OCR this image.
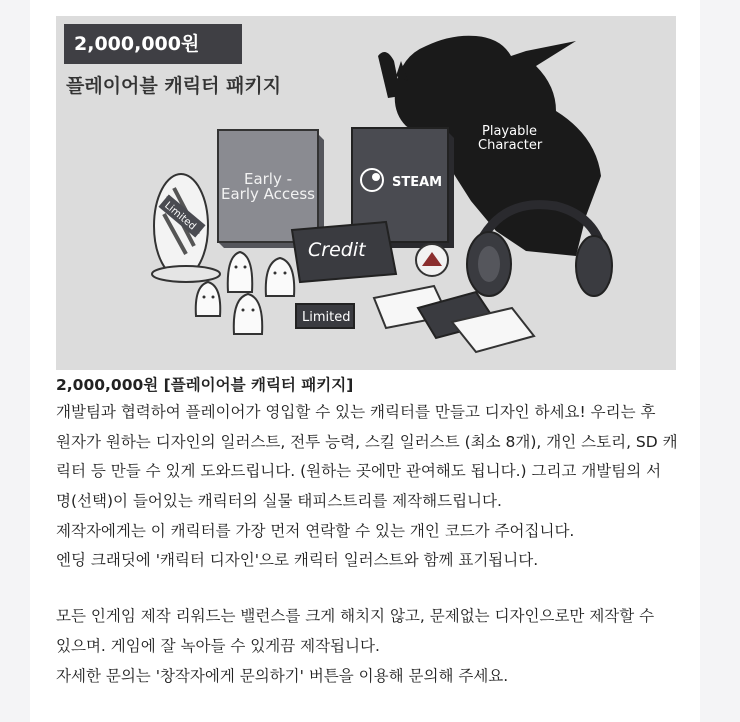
Playable
Character
Early -
Early Access
STEAM
Credit
Limited
Limited
2,000,000원
플레이어블 캐릭터 패키지
2,000,000원 [플레이어블 캐릭터 패키지]
개발팀과 협력하여 플레이어가 영입할 수 있는 캐릭터를 만들고 디자인 하세요! 우리는 후
원자가 원하는 디자인의 일러스트, 전투 능력, 스킬 일러스트 (최소 8개), 개인 스토리, SD 캐
릭터 등 만들 수 있게 도와드립니다. (원하는 곳에만 관여해도 됩니다.) 그리고 개발팀의 서
명(선택)이 들어있는 캐릭터의 실물 태피스트리를 제작해드립니다.
제작자에게는 이 캐릭터를 가장 먼저 연락할 수 있는 개인 코드가 주어집니다.
엔딩 크래딧에 '캐릭터 디자인'으로 캐릭터 일러스트와 함께 표기됩니다.
모든 인게임 제작 리워드는 밸런스를 크게 해치지 않고, 문제없는 디자인으로만 제작할 수
있으며. 게임에 잘 녹아들 수 있게끔 제작됩니다.
자세한 문의는 '창작자에게 문의하기' 버튼을 이용해 문의해 주세요.
